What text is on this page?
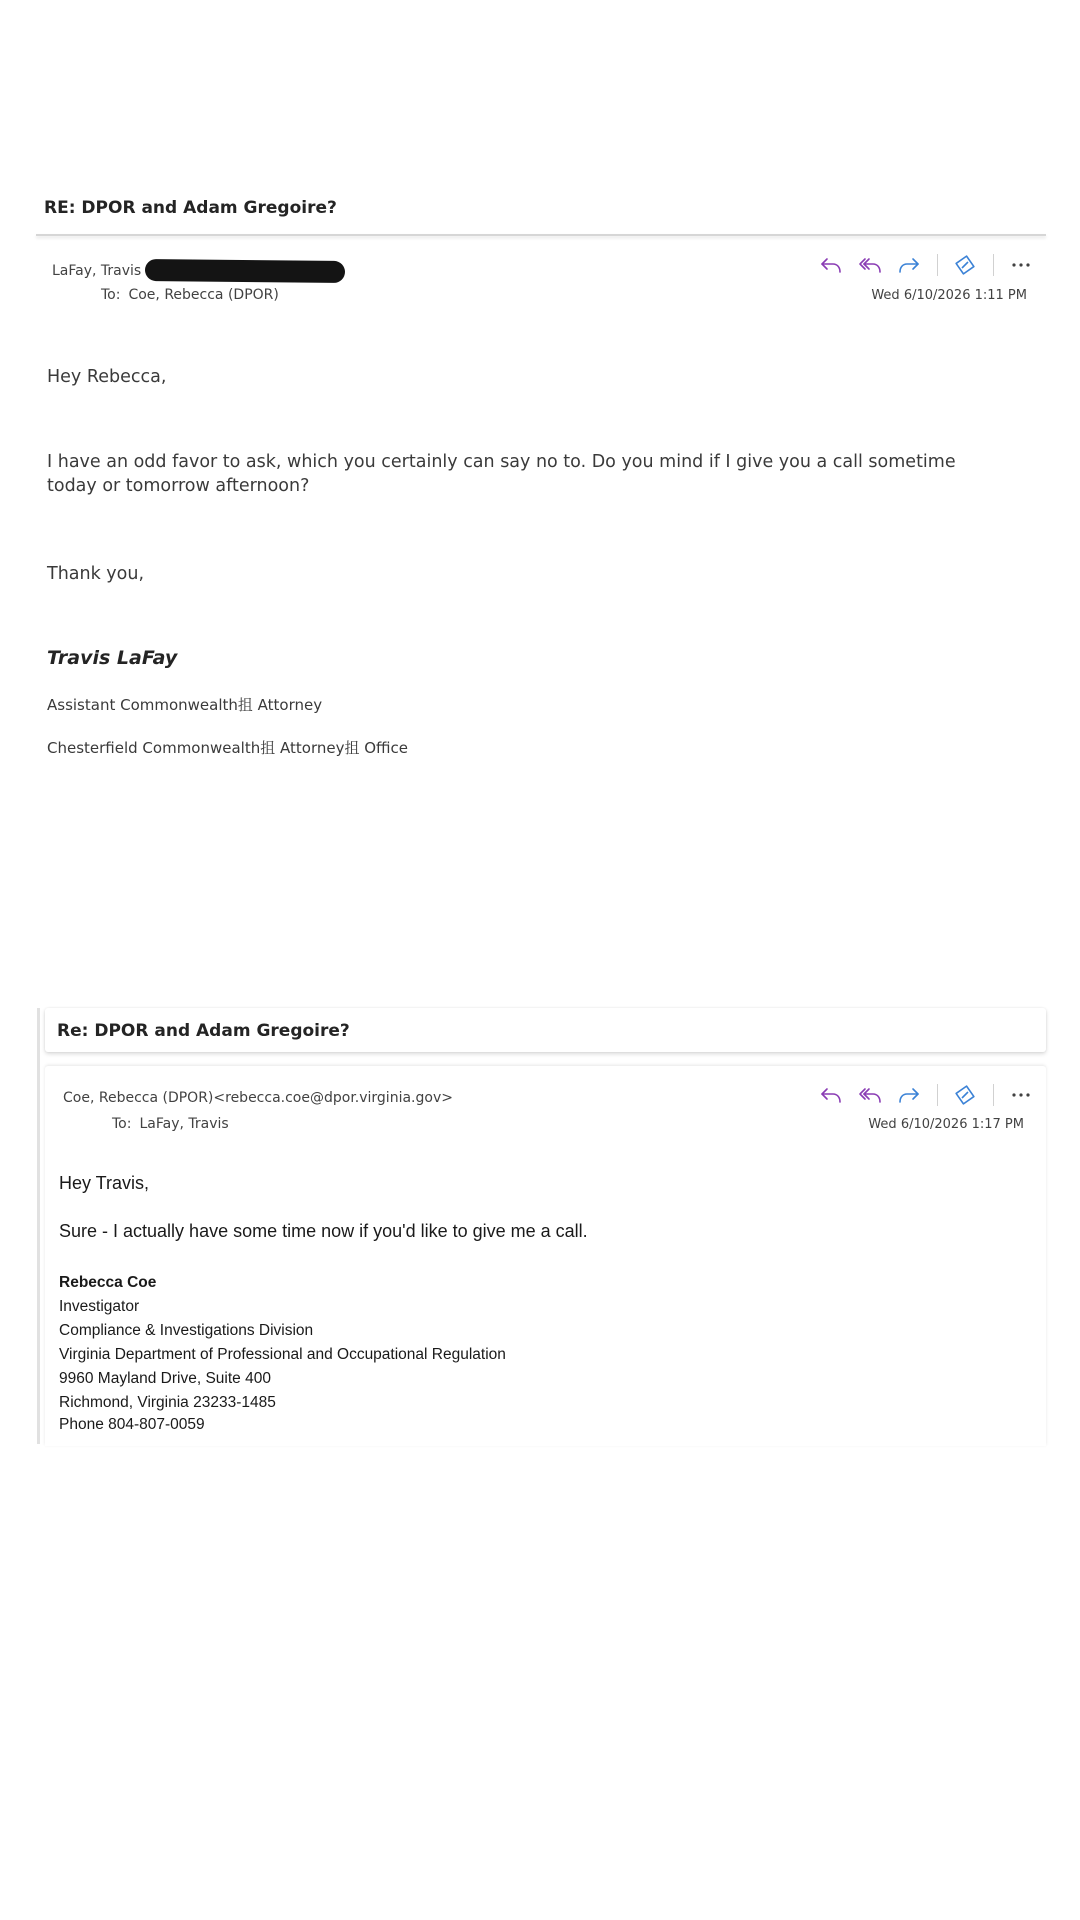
RE: DPOR and Adam Gregoire?
LaFay, Travis
To: Coe, Rebecca (DPOR)	Wed 6/10/2026 1:11 PM
Hey Rebecca,
I have an odd favor to ask, which you certainly can say no to. Do you mind if I give you a call sometime today or tomorrow afternoon?
Thank you,
Travis LaFay
Assistant Commonwealth抯 Attorney
Chesterfield Commonwealth抯 Attorney抯 Office
Re: DPOR and Adam Gregoire?
Coe, Rebecca (DPOR)<rebecca.coe@dpor.virginia.gov>
To: LaFay, Travis	Wed 6/10/2026 1:17 PM
Hey Travis,
Sure - I actually have some time now if you'd like to give me a call.
Rebecca Coe
Investigator
Compliance & Investigations Division
Virginia Department of Professional and Occupational Regulation
9960 Mayland Drive, Suite 400
Richmond, Virginia 23233-1485
Phone 804-807-0059
